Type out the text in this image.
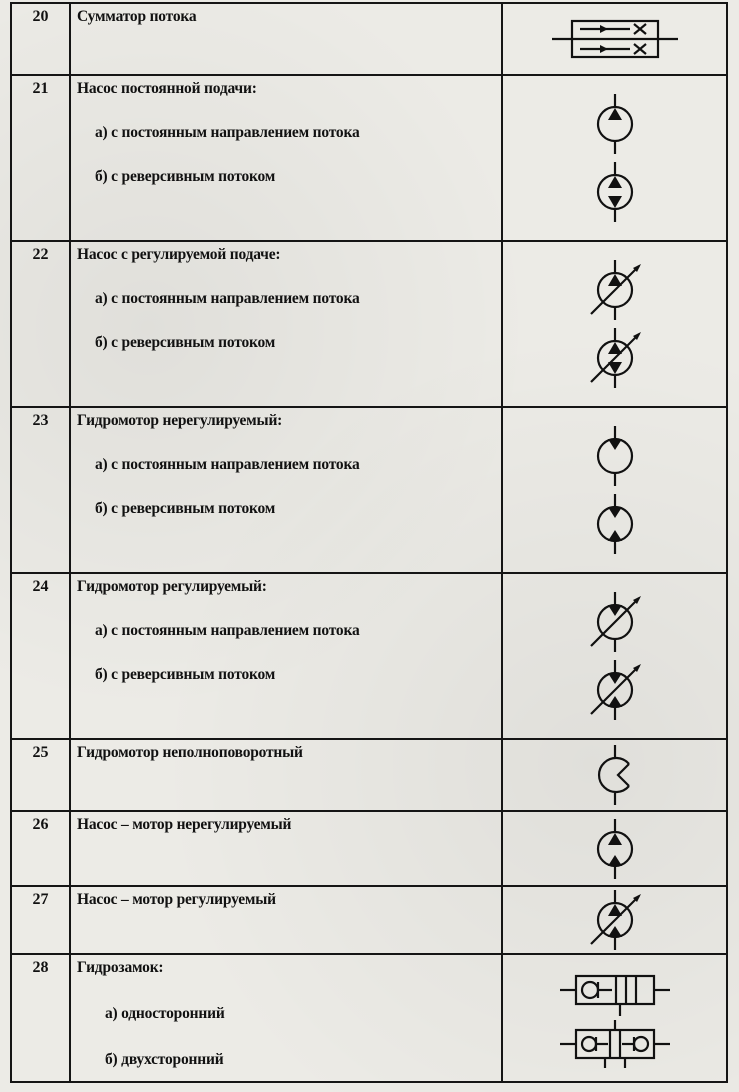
20	Сумматор потока

21	Насос постоянной подачи:
а) с постоянным направлением потока
б) с реверсивным потоком

22	Насос с регулируемой подаче:
а) с постоянным направлением потока
б) с реверсивным потоком

23	Гидромотор нерегулируемый:
а) с постоянным направлением потока
б) с реверсивным потоком

24	Гидромотор регулируемый:
а) с постоянным направлением потока
б) с реверсивным потоком

25	Гидромотор неполноповоротный

26	Насос – мотор нерегулируемый

27	Насос – мотор регулируемый

28	Гидрозамок:
а) односторонний
б) двухсторонний
